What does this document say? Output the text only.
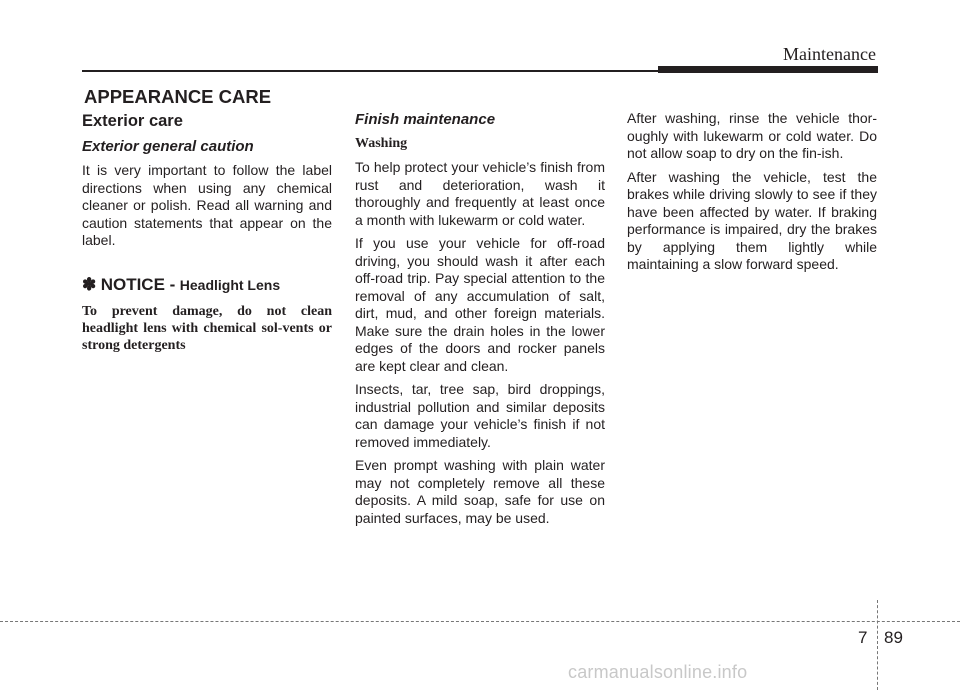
Maintenance
APPEARANCE CARE
Exterior care
Exterior general caution

It is very important to follow the label directions when using any chemical cleaner or polish. Read all warning and caution statements that appear on the label.

✽ NOTICE - Headlight Lens

To prevent damage, do not clean headlight lens with chemical sol-vents or strong detergents

Finish maintenance
Washing

To help protect your vehicle’s finish from rust and deterioration, wash it thoroughly and frequently at least once a month with lukewarm or cold water.

If you use your vehicle for off-road driving, you should wash it after each off-road trip. Pay special attention to the removal of any accumulation of salt, dirt, mud, and other foreign materials. Make sure the drain holes in the lower edges of the doors and rocker panels are kept clear and clean.

Insects, tar, tree sap, bird droppings, industrial pollution and similar deposits can damage your vehicle’s finish if not removed immediately.

Even prompt washing with plain water may not completely remove all these deposits. A mild soap, safe for use on painted surfaces, may be used.

After washing, rinse the vehicle thor-oughly with lukewarm or cold water. Do not allow soap to dry on the fin-ish.

After washing the vehicle, test the brakes while driving slowly to see if they have been affected by water. If braking performance is impaired, dry the brakes by applying them lightly while maintaining a slow forward speed.

7 89
carmanualsonline.info
